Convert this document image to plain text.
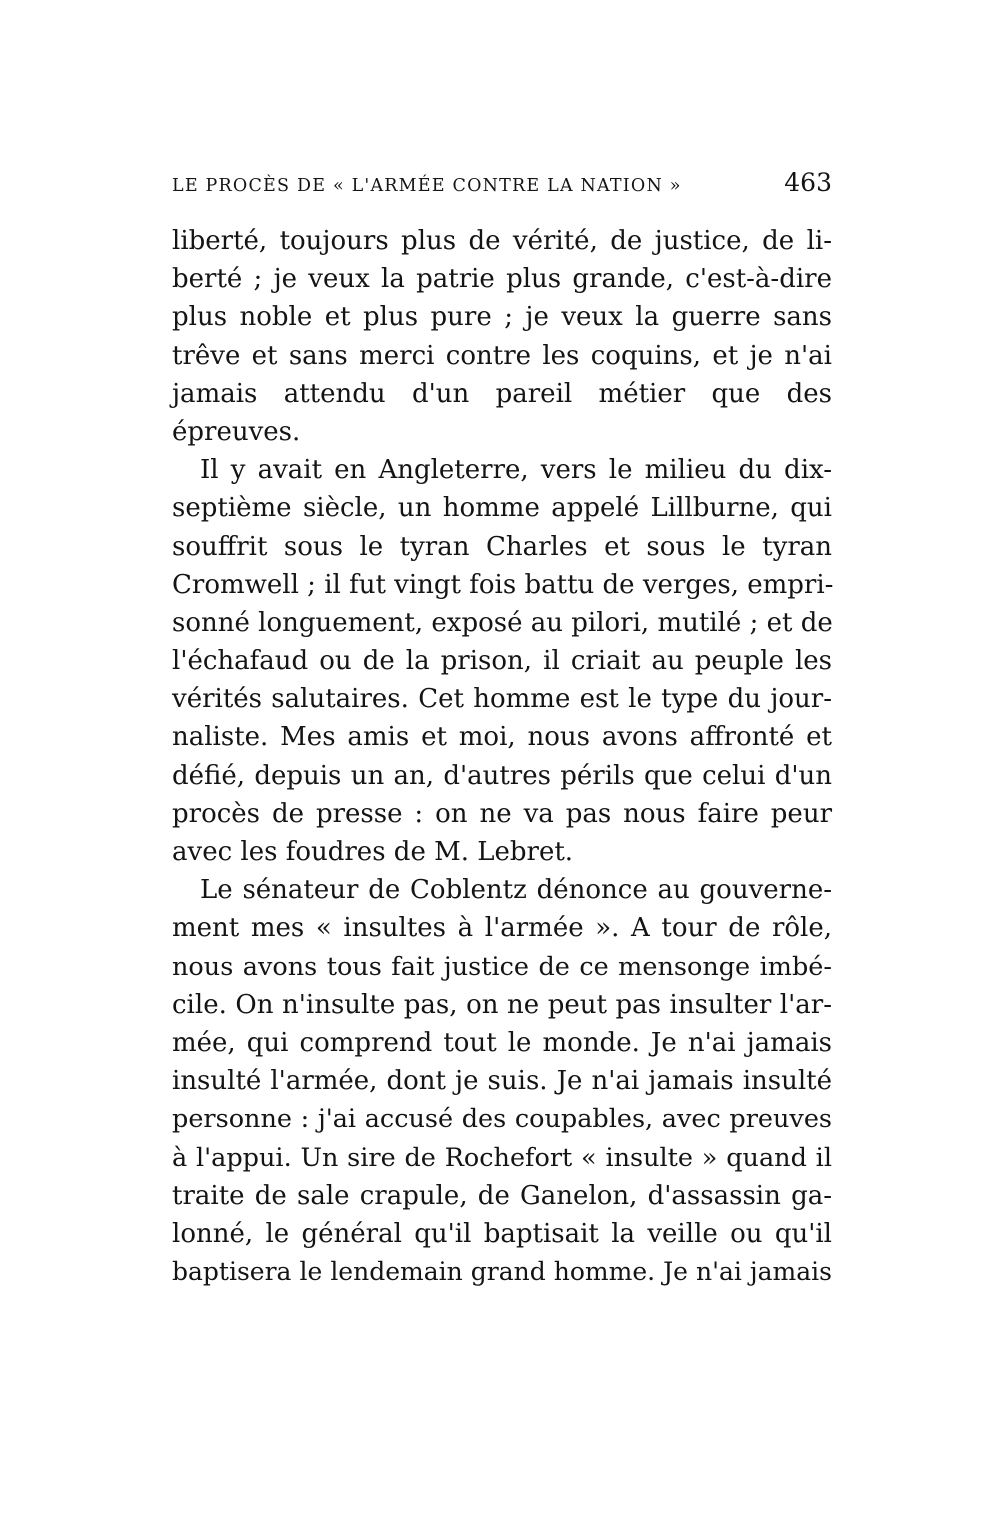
LE PROCÈS DE « L'ARMÉE CONTRE LA NATION »	463
liberté, toujours plus de vérité, de justice, de li-
berté ; je veux la patrie plus grande, c'est-à-dire
plus noble et plus pure ; je veux la guerre sans
trêve et sans merci contre les coquins, et je n'ai
jamais attendu d'un pareil métier que des
épreuves.
Il y avait en Angleterre, vers le milieu du dix-
septième siècle, un homme appelé Lillburne, qui
souffrit sous le tyran Charles et sous le tyran
Cromwell ; il fut vingt fois battu de verges, empri-
sonné longuement, exposé au pilori, mutilé ; et de
l'échafaud ou de la prison, il criait au peuple les
vérités salutaires. Cet homme est le type du jour-
naliste. Mes amis et moi, nous avons affronté et
défié, depuis un an, d'autres périls que celui d'un
procès de presse : on ne va pas nous faire peur
avec les foudres de M. Lebret.
Le sénateur de Coblentz dénonce au gouverne-
ment mes « insultes à l'armée ». A tour de rôle,
nous avons tous fait justice de ce mensonge imbé-
cile. On n'insulte pas, on ne peut pas insulter l'ar-
mée, qui comprend tout le monde. Je n'ai jamais
insulté l'armée, dont je suis. Je n'ai jamais insulté
personne : j'ai accusé des coupables, avec preuves
à l'appui. Un sire de Rochefort « insulte » quand il
traite de sale crapule, de Ganelon, d'assassin ga-
lonné, le général qu'il baptisait la veille ou qu'il
baptisera le lendemain grand homme. Je n'ai jamais
